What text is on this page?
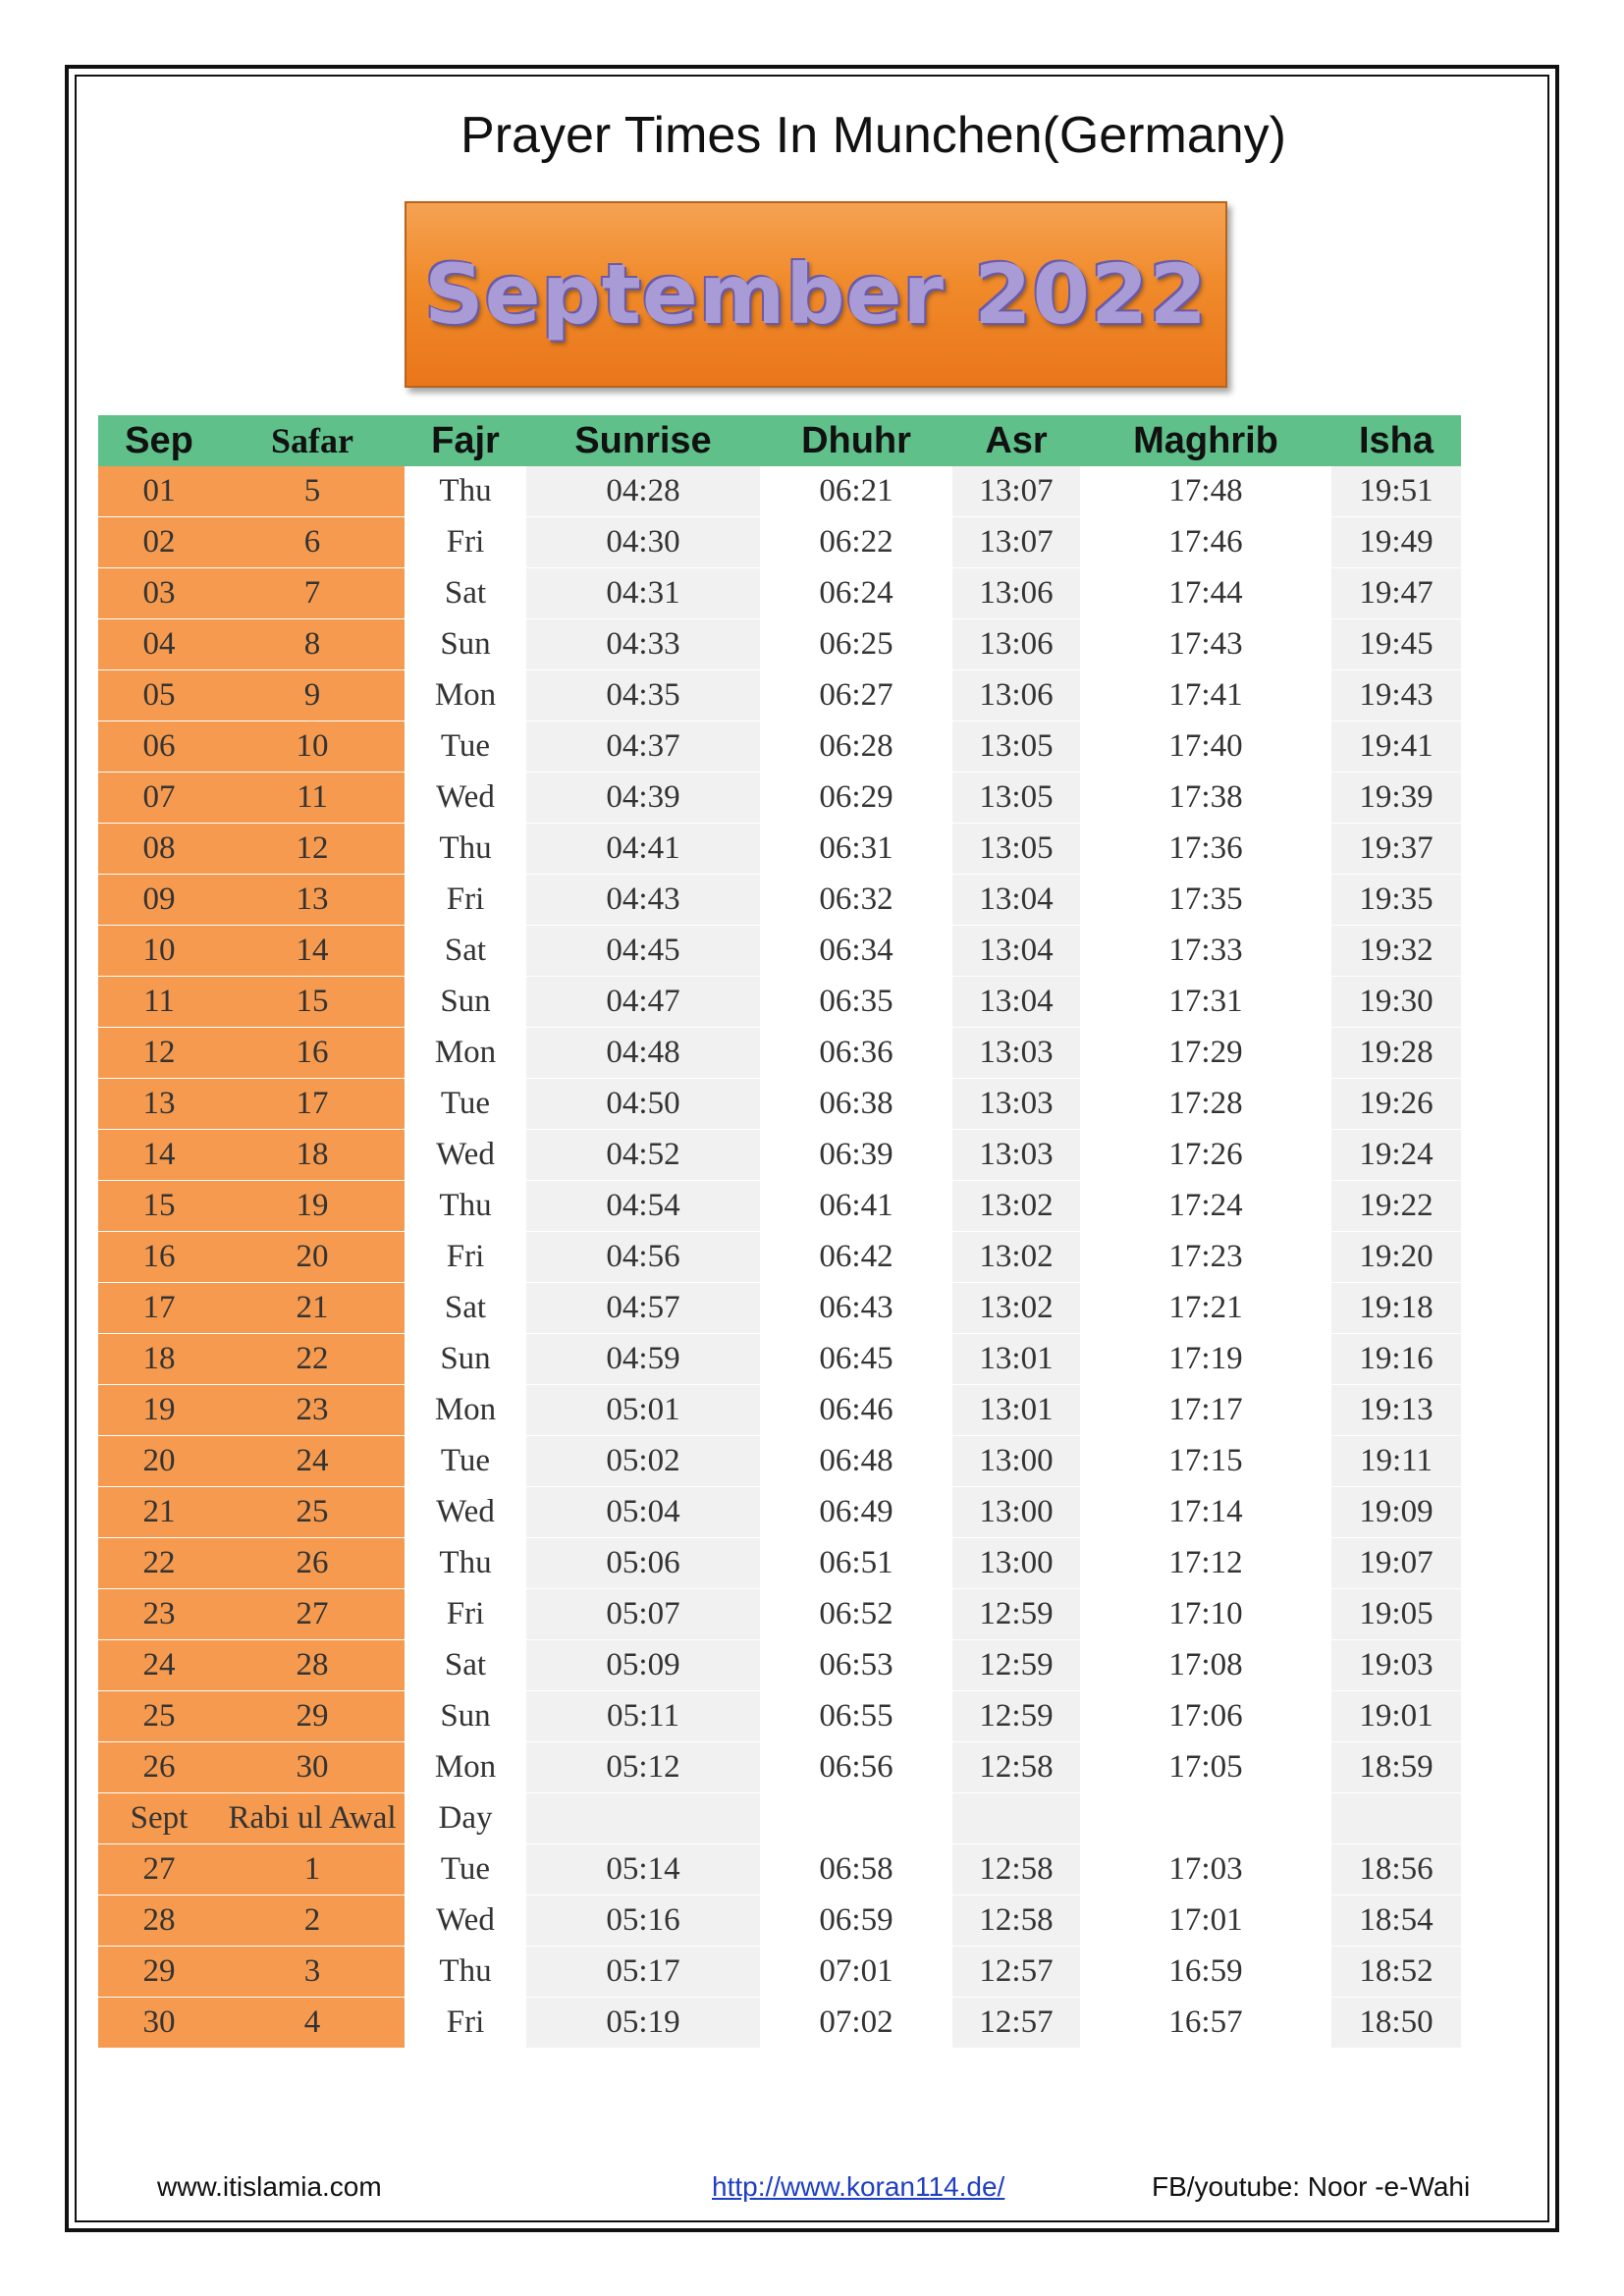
Prayer Times In Munchen(Germany)
September 2022
Sep	Safar	Fajr	Sunrise	Dhuhr	Asr	Maghrib	Isha
01	5	Thu	04:28	06:21	13:07	17:48	19:51
02	6	Fri	04:30	06:22	13:07	17:46	19:49
03	7	Sat	04:31	06:24	13:06	17:44	19:47
04	8	Sun	04:33	06:25	13:06	17:43	19:45
05	9	Mon	04:35	06:27	13:06	17:41	19:43
06	10	Tue	04:37	06:28	13:05	17:40	19:41
07	11	Wed	04:39	06:29	13:05	17:38	19:39
08	12	Thu	04:41	06:31	13:05	17:36	19:37
09	13	Fri	04:43	06:32	13:04	17:35	19:35
10	14	Sat	04:45	06:34	13:04	17:33	19:32
11	15	Sun	04:47	06:35	13:04	17:31	19:30
12	16	Mon	04:48	06:36	13:03	17:29	19:28
13	17	Tue	04:50	06:38	13:03	17:28	19:26
14	18	Wed	04:52	06:39	13:03	17:26	19:24
15	19	Thu	04:54	06:41	13:02	17:24	19:22
16	20	Fri	04:56	06:42	13:02	17:23	19:20
17	21	Sat	04:57	06:43	13:02	17:21	19:18
18	22	Sun	04:59	06:45	13:01	17:19	19:16
19	23	Mon	05:01	06:46	13:01	17:17	19:13
20	24	Tue	05:02	06:48	13:00	17:15	19:11
21	25	Wed	05:04	06:49	13:00	17:14	19:09
22	26	Thu	05:06	06:51	13:00	17:12	19:07
23	27	Fri	05:07	06:52	12:59	17:10	19:05
24	28	Sat	05:09	06:53	12:59	17:08	19:03
25	29	Sun	05:11	06:55	12:59	17:06	19:01
26	30	Mon	05:12	06:56	12:58	17:05	18:59
Sept	Rabi ul Awal	Day					
27	1	Tue	05:14	06:58	12:58	17:03	18:56
28	2	Wed	05:16	06:59	12:58	17:01	18:54
29	3	Thu	05:17	07:01	12:57	16:59	18:52
30	4	Fri	05:19	07:02	12:57	16:57	18:50
www.itislamia.com	http://www.koran114.de/	FB/youtube: Noor -e-Wahi
